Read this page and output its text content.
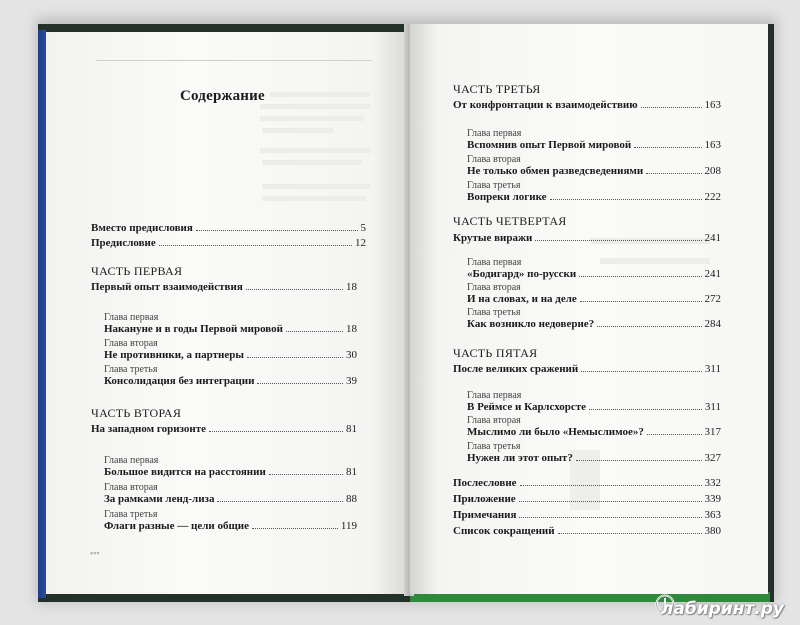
Содержание
Вместо предисловия	5
Предисловие	12
ЧАСТЬ ПЕРВАЯ
Первый опыт взаимодействия	18
Глава первая
Накануне и в годы Первой мировой	18
Глава вторая
Не противники, а партнеры	30
Глава третья
Консолидация без интеграции	39
ЧАСТЬ ВТОРАЯ
На западном горизонте	81
Глава первая
Большое видится на расстоянии	81
Глава вторая
За рамками ленд-лиза	88
Глава третья
Флаги разные — цели общие	119
▪▪▪
ЧАСТЬ ТРЕТЬЯ
От конфронтации к взаимодействию	163
Глава первая
Вспомнив опыт Первой мировой	163
Глава вторая
Не только обмен разведсведениями	208
Глава третья
Вопреки логике	222
ЧАСТЬ ЧЕТВЕРТАЯ
Крутые виражи	241
Глава первая
«Бодигард» по-русски	241
Глава вторая
И на словах, и на деле	272
Глава третья
Как возникло недоверие?	284
ЧАСТЬ ПЯТАЯ
После великих сражений	311
Глава первая
В Реймсе и Карлсхорсте	311
Глава вторая
Мыслимо ли было «Немыслимое»?	317
Глава третья
Нужен ли этот опыт?	327
Послесловие	332
Приложение	339
Примечания	363
Список сокращений	380
лабиринт.ру
